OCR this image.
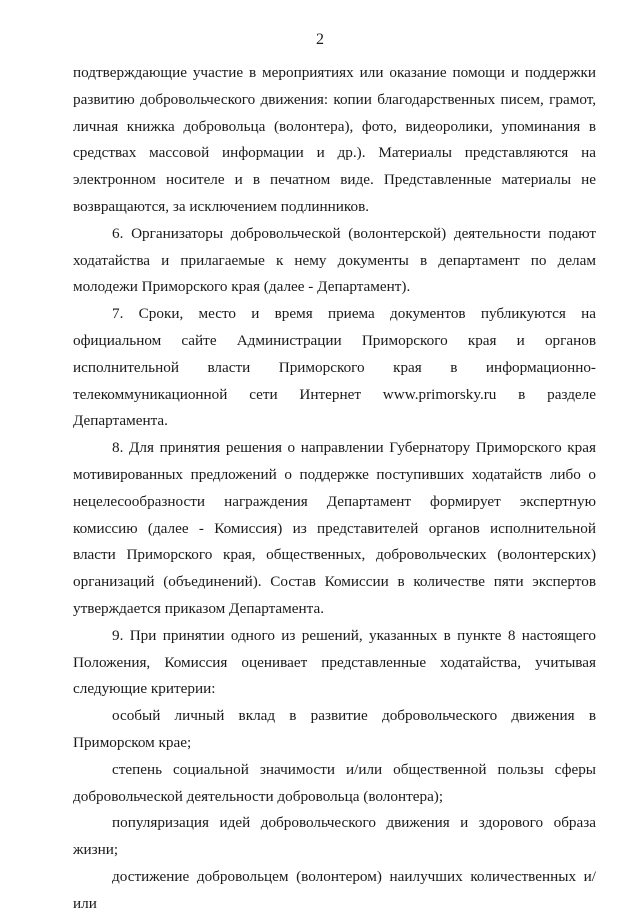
2

подтверждающие участие в мероприятиях или оказание помощи и поддержки развитию добровольческого движения: копии благодарственных писем, грамот, личная книжка добровольца (волонтера), фото, видеоролики, упоминания в средствах массовой информации и др.). Материалы представляются на электронном носителе и в печатном виде. Представленные материалы не возвращаются, за исключением подлинников.

6. Организаторы добровольческой (волонтерской) деятельности подают ходатайства и прилагаемые к нему документы в департамент по делам молодежи Приморского края (далее - Департамент).

7. Сроки, место и время приема документов публикуются на официальном сайте Администрации Приморского края и органов исполнительной власти Приморского края в информационно-телекоммуникационной сети Интернет www.primorsky.ru в разделе Департамента.

8. Для принятия решения о направлении Губернатору Приморского края мотивированных предложений о поддержке поступивших ходатайств либо о нецелесообразности награждения Департамент формирует экспертную комиссию (далее - Комиссия) из представителей органов исполнительной власти Приморского края, общественных, добровольческих (волонтерских) организаций (объединений). Состав Комиссии в количестве пяти экспертов утверждается приказом Департамента.

9. При принятии одного из решений, указанных в пункте 8 настоящего Положения, Комиссия оценивает представленные ходатайства, учитывая следующие критерии:

особый личный вклад в развитие добровольческого движения в Приморском крае;

степень социальной значимости и/или общественной пользы сферы добровольческой деятельности добровольца (волонтера);

популяризация идей добровольческого движения и здорового образа жизни;

достижение добровольцем (волонтером) наилучших количественных и/или
